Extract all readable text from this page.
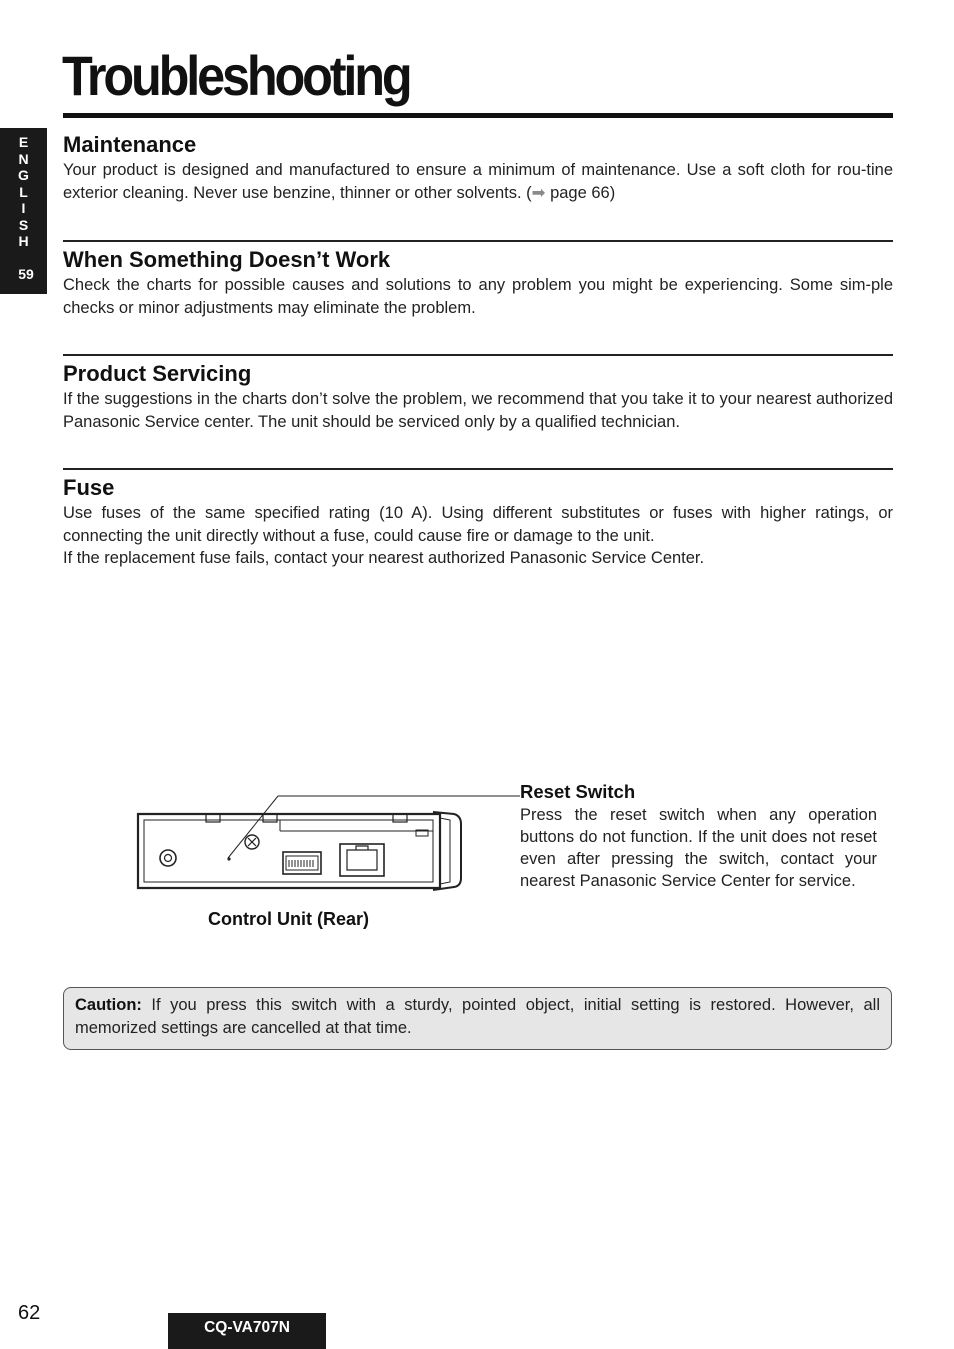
Troubleshooting
E
N
G
L
I
S
H
59
Maintenance

Your product is designed and manufactured to ensure a minimum of maintenance. Use a soft cloth for rou-tine exterior cleaning. Never use benzine, thinner or other solvents. (➡ page 66)

When Something Doesn’t Work

Check the charts for possible causes and solutions to any problem you might be experiencing. Some sim-ple checks or minor adjustments may eliminate the problem.

Product Servicing

If the suggestions in the charts don’t solve the problem, we recommend that you take it to your nearest authorized Panasonic Service center. The unit should be serviced only by a qualified technician.

Fuse

Use fuses of the same specified rating (10 A). Using different substitutes or fuses with higher ratings, or connecting the unit directly without a fuse, could cause fire or damage to the unit.

If the replacement fuse fails, contact your nearest authorized Panasonic Service Center.

Control Unit (Rear)
Reset Switch

Press the reset switch when any operation buttons do not function. If the unit does not reset even after pressing the switch, contact your nearest Panasonic Service Center for service.

Caution: If you press this switch with a sturdy, pointed object, initial setting is restored. However, all memorized settings are cancelled at that time.
62
CQ-VA707N
